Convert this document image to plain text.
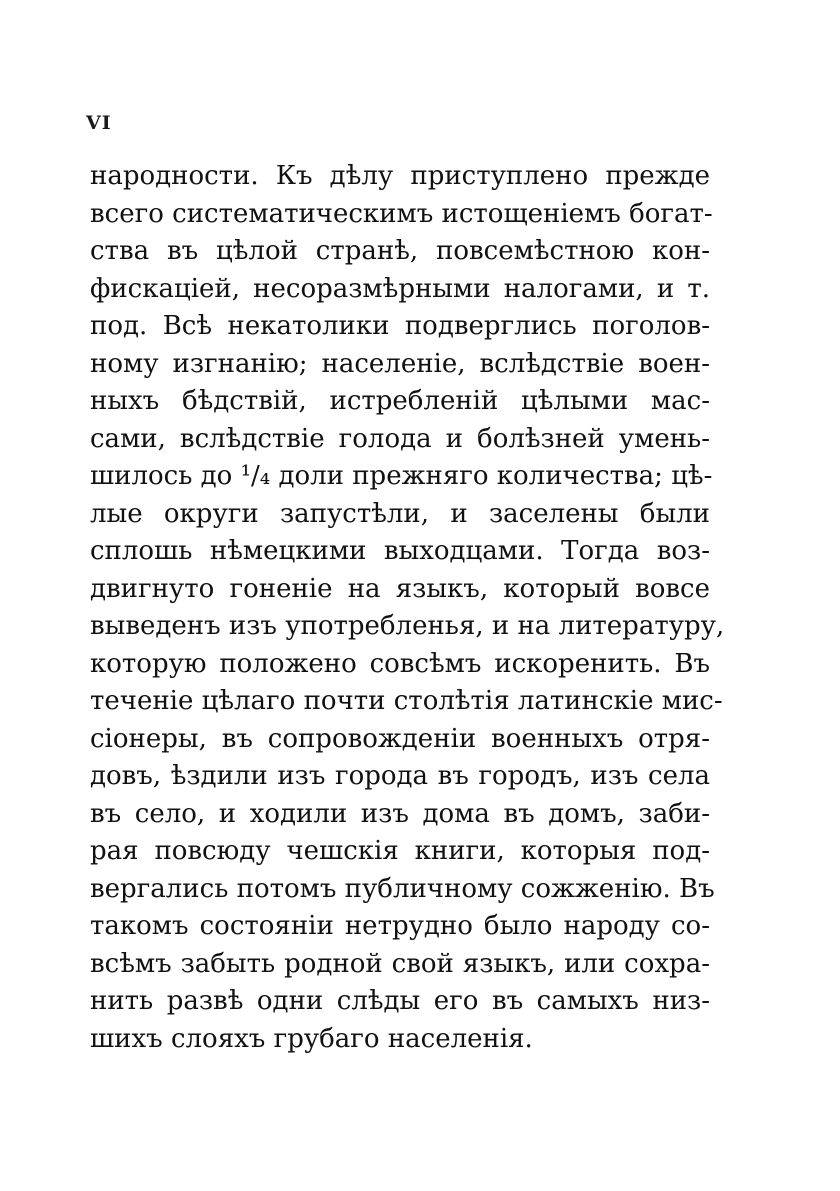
VI
народности. Къ дѣлу приступлено прежде
всего систематическимъ истощеніемъ богат-
ства въ цѣлой странѣ, повсемѣстною кон-
фискаціей, несоразмѣрными налогами, и т.
под. Всѣ некатолики подверглись поголов-
ному изгнанію; населеніе, вслѣдствіе воен-
ныхъ бѣдствій, истребленій цѣлыми мас-
сами, вслѣдствіе голода и болѣзней умень-
шилось до ¹/₄ доли прежняго количества; цѣ-
лые округи запустѣли, и заселены были
сплошь нѣмецкими выходцами. Тогда воз-
двигнуто гоненіе на языкъ, который вовсе
выведенъ изъ употребленья, и на литературу,
которую положено совсѣмъ искоренить. Въ
теченіе цѣлаго почти столѣтія латинскіе мис-
сіонеры, въ сопровожденіи военныхъ отря-
довъ, ѣздили изъ города въ городъ, изъ села
въ село, и ходили изъ дома въ домъ, заби-
рая повсюду чешскія книги, которыя под-
вергались потомъ публичному сожженію. Въ
такомъ состояніи нетрудно было народу со-
всѣмъ забыть родной свой языкъ, или сохра-
нить развѣ одни слѣды его въ самыхъ низ-
шихъ слояхъ грубаго населенія.
